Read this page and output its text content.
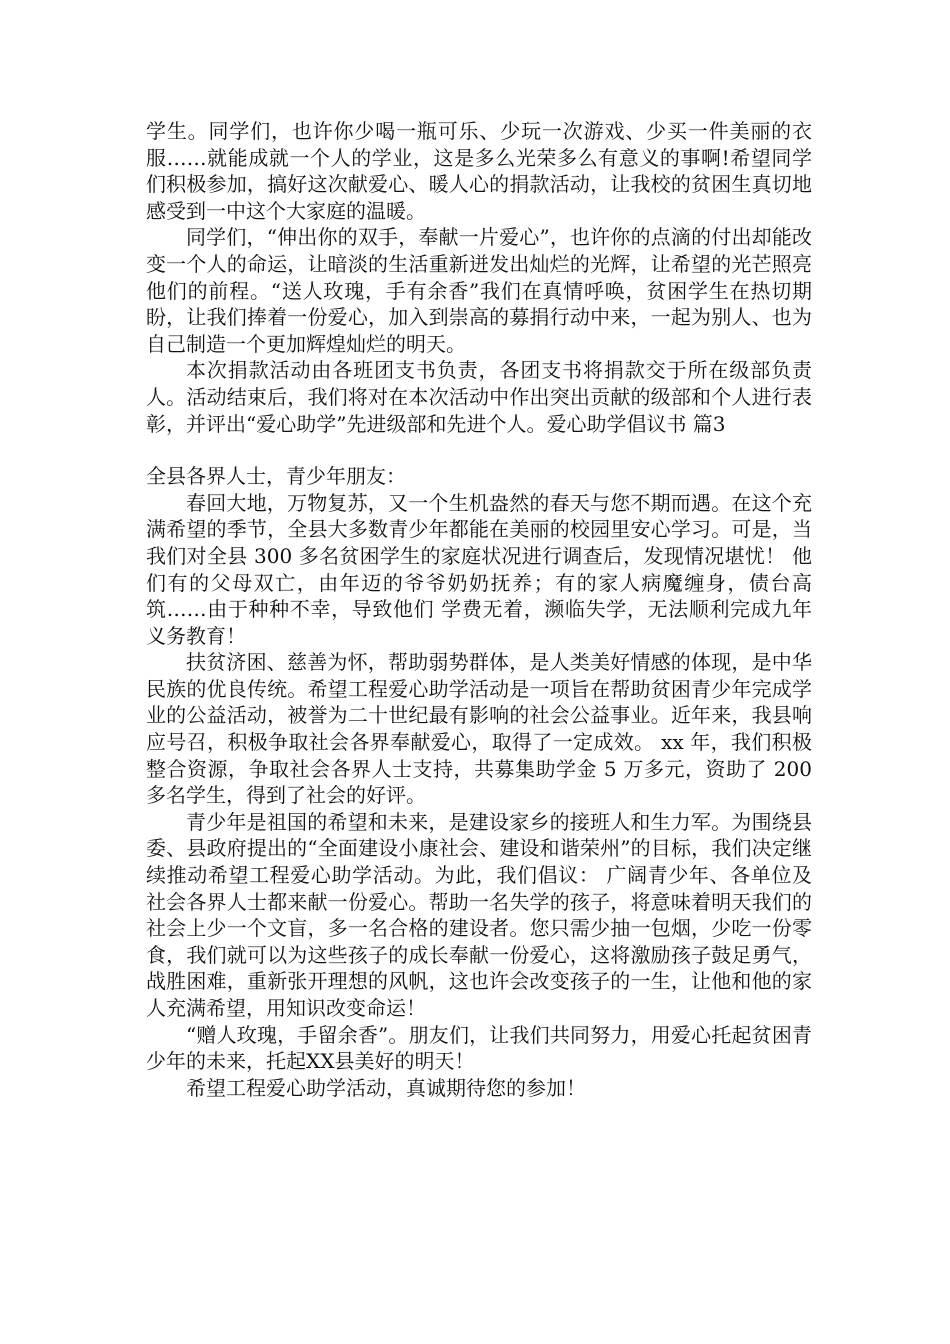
学生。同学们，也许你少喝一瓶可乐、少玩一次游戏、少买一件美丽的衣服……就能成就一个人的学业，这是多么光荣多么有意义的事啊!希望同学们积极参加，搞好这次献爱心、暖人心的捐款活动，让我校的贫困生真切地感受到一中这个大家庭的温暖。

同学们，“伸出你的双手，奉献一片爱心”，也许你的点滴的付出却能改变一个人的命运，让暗淡的生活重新迸发出灿烂的光辉，让希望的光芒照亮他们的前程。“送人玫瑰，手有余香”我们在真情呼唤，贫困学生在热切期盼，让我们捧着一份爱心，加入到崇高的募捐行动中来，一起为别人、也为自己制造一个更加辉煌灿烂的明天。

本次捐款活动由各班团支书负责，各团支书将捐款交于所在级部负责人。活动结束后，我们将对在本次活动中作出突出贡献的级部和个人进行表彰，并评出“爱心助学”先进级部和先进个人。爱心助学倡议书 篇3

全县各界人士，青少年朋友：

春回大地，万物复苏，又一个生机盎然的春天与您不期而遇。在这个充满希望的季节，全县大多数青少年都能在美丽的校园里安心学习。可是，当我们对全县 300 多名贫困学生的家庭状况进行调查后，发现情况堪忧！ 他们有的父母双亡，由年迈的爷爷奶奶抚养；有的家人病魔缠身，债台高筑……由于种种不幸，导致他们 学费无着，濒临失学，无法顺利完成九年义务教育！

扶贫济困、慈善为怀，帮助弱势群体，是人类美好情感的体现，是中华民族的优良传统。希望工程爱心助学活动是一项旨在帮助贫困青少年完成学业的公益活动，被誉为二十世纪最有影响的社会公益事业。近年来，我县响应号召，积极争取社会各界奉献爱心，取得了一定成效。 xx 年，我们积极整合资源，争取社会各界人士支持，共募集助学金 5 万多元，资助了 200 多名学生，得到了社会的好评。

青少年是祖国的希望和未来，是建设家乡的接班人和生力军。为围绕县委、县政府提出的“全面建设小康社会、建设和谐荣州”的目标，我们决定继续推动希望工程爱心助学活动。为此，我们倡议： 广阔青少年、各单位及社会各界人士都来献一份爱心。帮助一名失学的孩子，将意味着明天我们的社会上少一个文盲，多一名合格的建设者。您只需少抽一包烟，少吃一份零食，我们就可以为这些孩子的成长奉献一份爱心，这将激励孩子鼓足勇气，战胜困难，重新张开理想的风帆，这也许会改变孩子的一生，让他和他的家人充满希望，用知识改变命运！

“赠人玫瑰，手留余香”。朋友们，让我们共同努力，用爱心托起贫困青少年的未来，托起XX县美好的明天！

希望工程爱心助学活动，真诚期待您的参加！
